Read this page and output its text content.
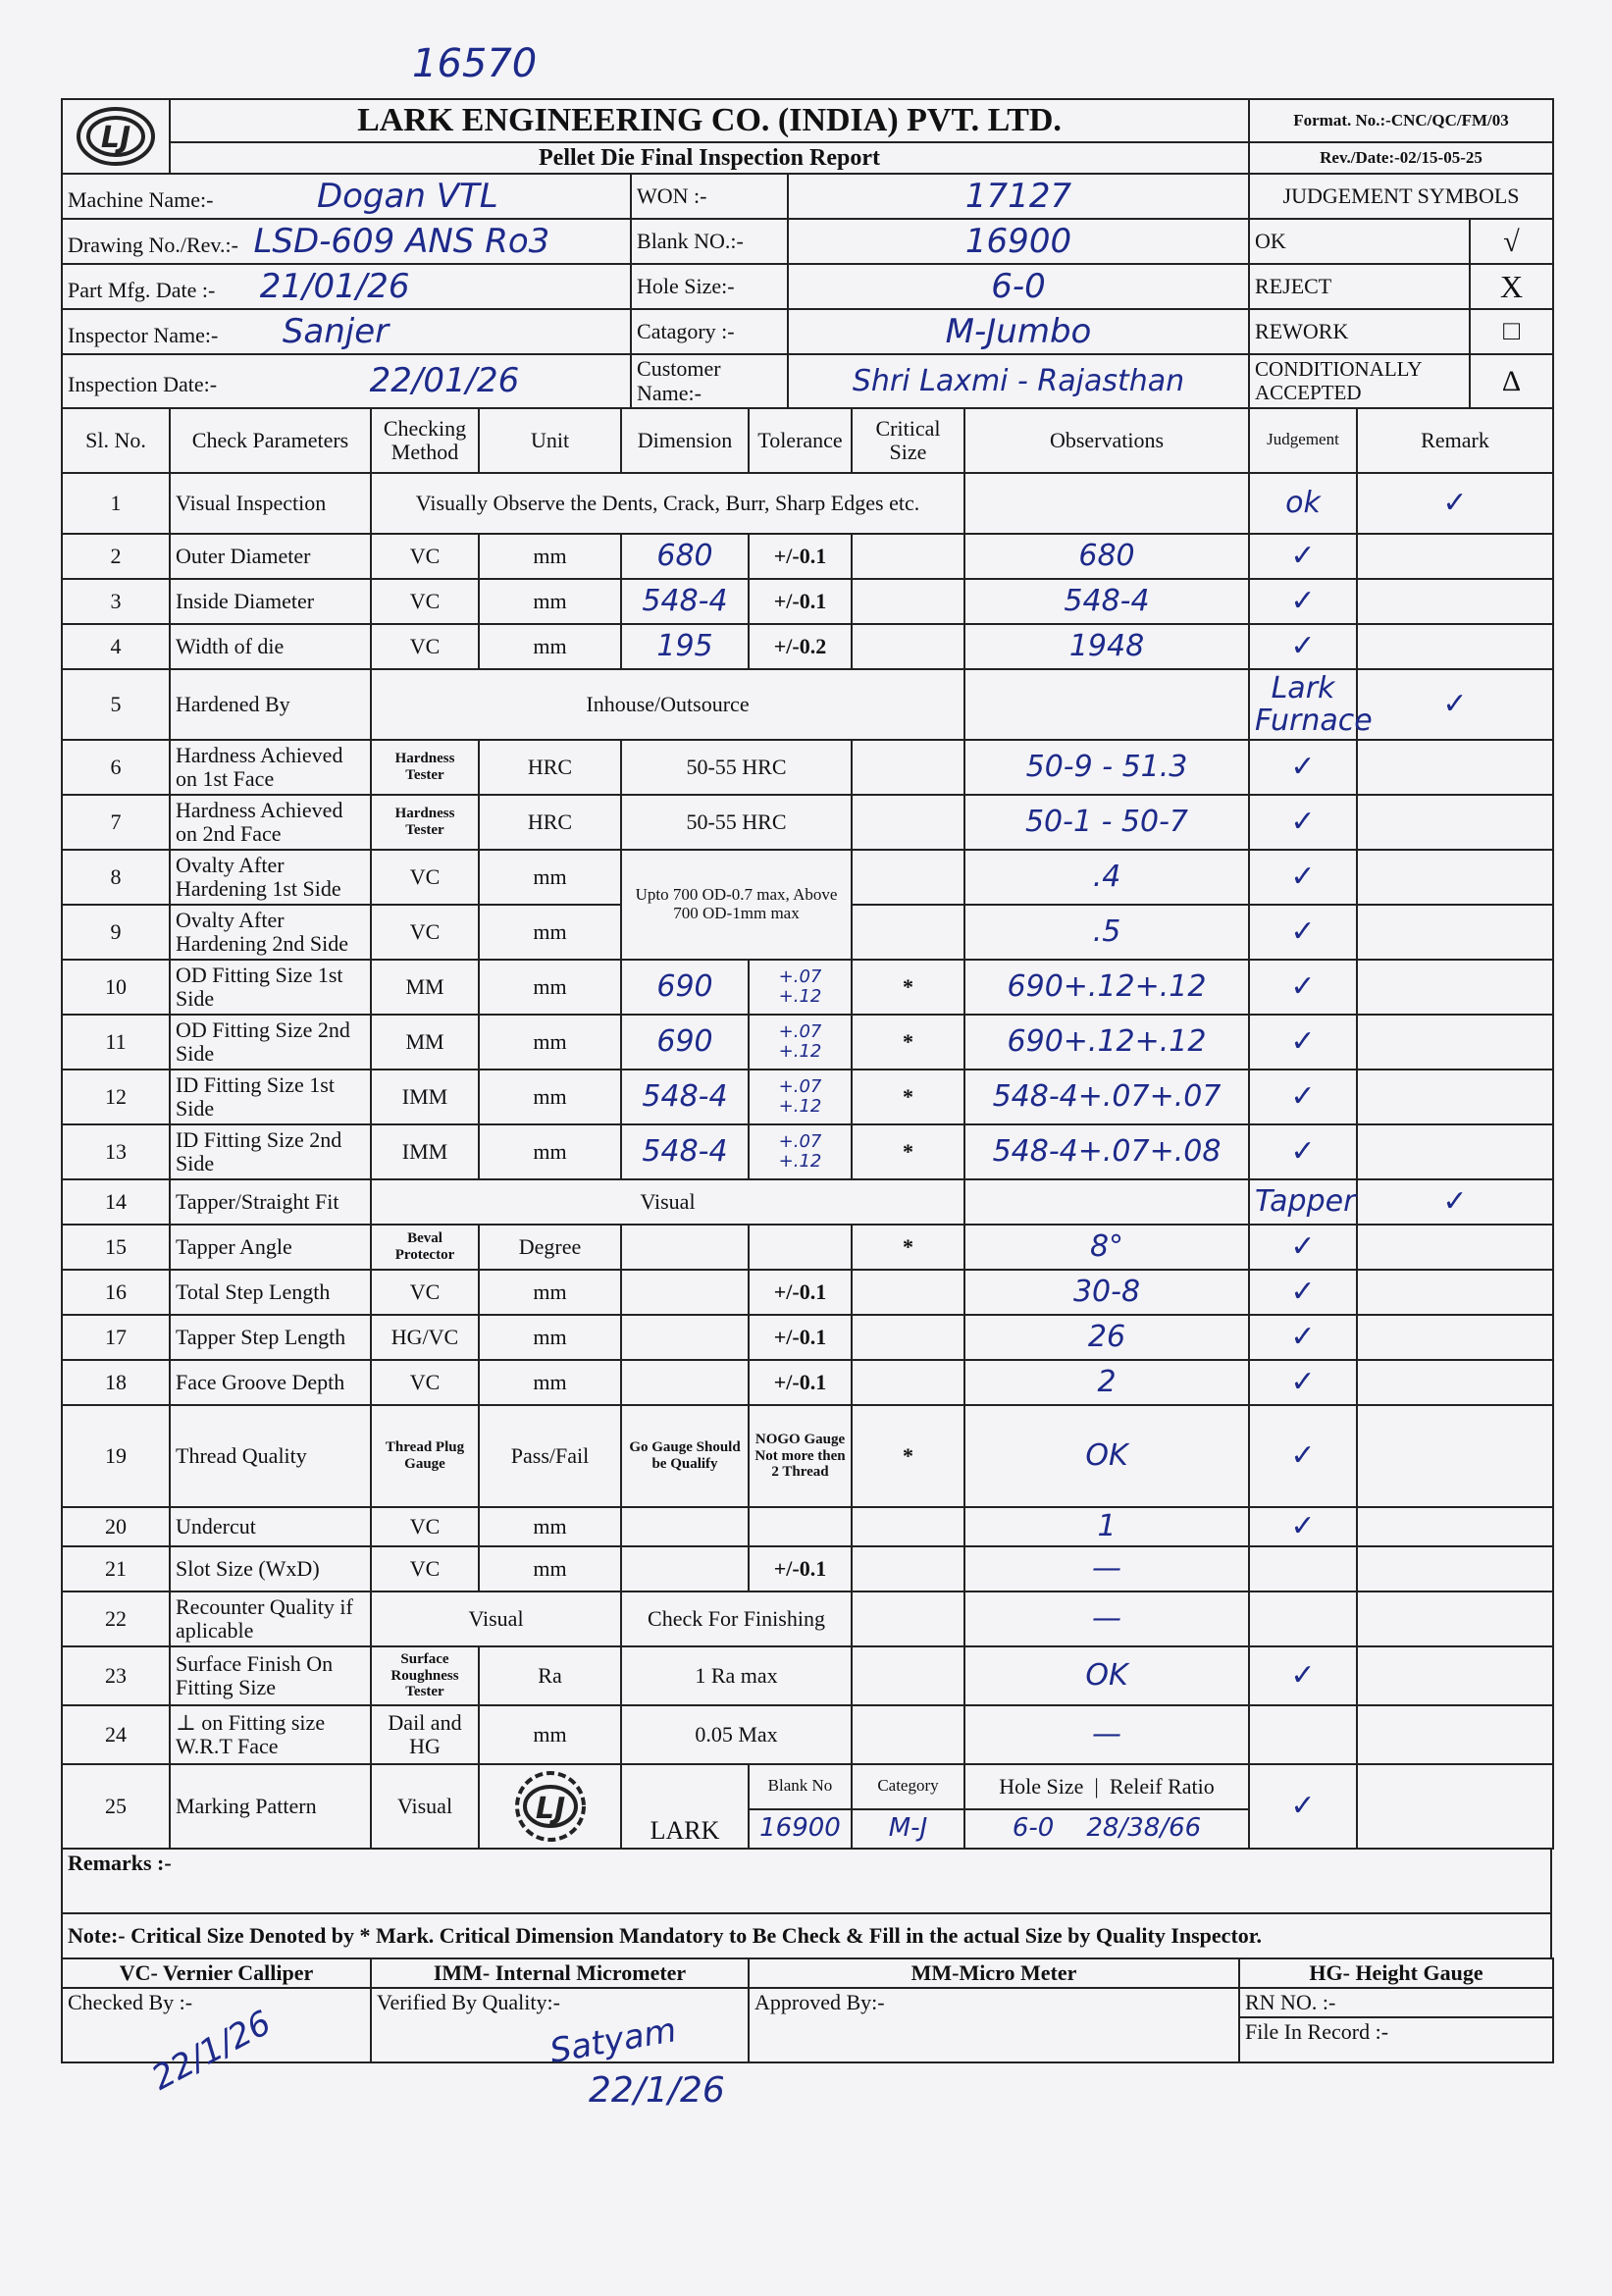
16570
LJ	LARK ENGINEERING CO. (INDIA) PVT. LTD.	Format. No.:-CNC/QC/FM/03
	Pellet Die Final Inspection Report	Rev./Date:-02/15-05-25
Machine Name:- Dogan VTL	WON :-	17127	JUDGEMENT SYMBOLS	
Drawing No./Rev.:- LSD-609 ANS Ro3	Blank NO.:-	16900	OK	√
Part Mfg. Date :- 21/01/26	Hole Size:-	6-0	REJECT	X
Inspector Name:- Sanjer	Catagory :-	M-Jumbo	REWORK	□
Inspection Date:- 22/01/26	Customer Name:-	Shri Laxmi - Rajasthan	CONDITIONALLY ACCEPTED	Δ
Sl. No.	Check Parameters	Checking Method	Unit	Dimension	Tolerance	Critical Size	Observations	Judgement	Remark	
1	Visual Inspection	Visually Observe the Dents, Crack, Burr, Sharp Edges etc.						ok	✓	
2	Outer Diameter	VC	mm	680	+/-0.1		680	✓		
3	Inside Diameter	VC	mm	548-4	+/-0.1		548-4	✓		
4	Width of die	VC	mm	195	+/-0.2		1948	✓		
5	Hardened By	Inhouse/Outsource						Lark Furnace	✓	
6	Hardness Achieved on 1st Face	Hardness Tester	HRC	50-55 HRC			50-9 - 51.3	✓		
7	Hardness Achieved on 2nd Face	Hardness Tester	HRC	50-55 HRC			50-1 - 50-7	✓		
8	Ovalty After Hardening 1st Side	VC	mm	Upto 700 OD-0.7 max, Above 700 OD-1mm max			.4	✓		
9	Ovalty After Hardening 2nd Side	VC	mm				.5	✓		
10	OD Fitting Size 1st Side	MM	mm	690	+.07 +.12	*	690+.12+.12	✓		
11	OD Fitting Size 2nd Side	MM	mm	690	+.07 +.12	*	690+.12+.12	✓		
12	ID Fitting Size 1st Side	IMM	mm	548-4	+.07 +.12	*	548-4+.07+.07	✓		
13	ID Fitting Size 2nd Side	IMM	mm	548-4	+.07 +.12	*	548-4+.07+.08	✓		
14	Tapper/Straight Fit	Visual						Tapper	✓	
15	Tapper Angle	Beval Protector	Degree			*	8°	✓		
16	Total Step Length	VC	mm		+/-0.1		30-8	✓		
17	Tapper Step Length	HG/VC	mm		+/-0.1		26	✓		
18	Face Groove Depth	VC	mm		+/-0.1		2	✓		
19	Thread Quality	Thread Plug Gauge	Pass/Fail	Go Gauge Should be Qualify	NOGO Gauge Not more then 2 Thread	*	OK	✓		
20	Undercut	VC	mm				1	✓		
21	Slot Size (WxD)	VC	mm		+/-0.1		—			
22	Recounter Quality if aplicable	Visual		Check For Finishing			—			
23	Surface Finish On Fitting Size	Surface Roughness Tester	Ra	1 Ra max			OK	✓		
24	⊥ on Fitting size W.R.T Face	Dail and HG	mm	0.05 Max			—			
25	Marking Pattern	Visual	LJ	LARK	Blank No	Category	Hole Size  |  Releif Ratio	✓		
					16900	M-J	6-0 28/38/66			
Remarks :-
Note:- Critical Size Denoted by * Mark. Critical Dimension Mandatory to Be Check & Fill in the actual Size by Quality Inspector.
VC- Vernier Calliper	IMM- Internal Micrometer	MM-Micro Meter	HG- Height Gauge
Checked By :-	Verified By Quality:-	Approved By:-	RN NO. :-
File In Record :-
22/1/26	Satyam
22/1/26
